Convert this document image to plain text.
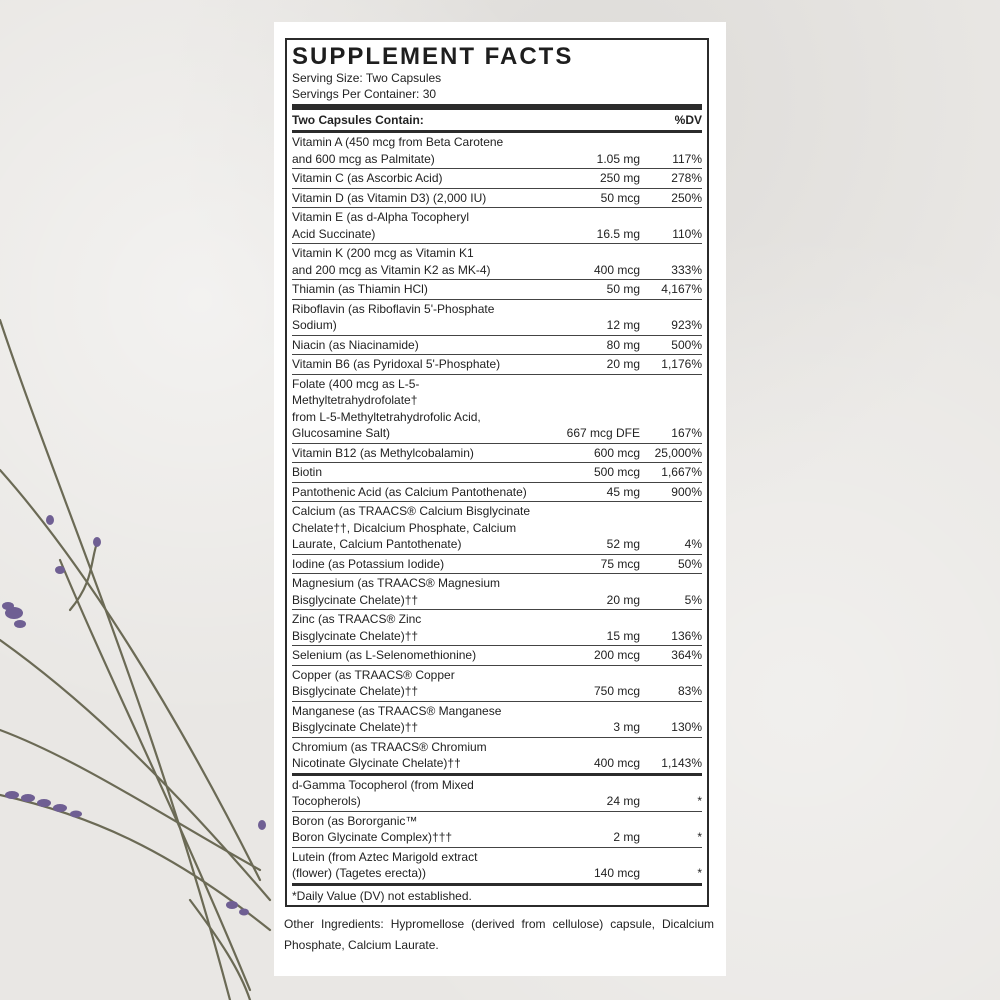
SUPPLEMENT FACTS
Serving Size: Two Capsules
Servings Per Container: 30
Two Capsules Contain:	%DV
Vitamin A (450 mcg from Beta Carotene
and 600 mcg as Palmitate)	1.05 mg	117%
Vitamin C (as Ascorbic Acid)	250 mg	278%
Vitamin D (as Vitamin D3) (2,000 IU)	50 mcg	250%
Vitamin E (as d-Alpha Tocopheryl
Acid Succinate)	16.5 mg	110%
Vitamin K (200 mcg as Vitamin K1
and 200 mcg as Vitamin K2 as MK-4)	400 mcg	333%
Thiamin (as Thiamin HCl)	50 mg	4,167%
Riboflavin (as Riboflavin 5'-Phosphate Sodium)	12 mg	923%
Niacin (as Niacinamide)	80 mg	500%
Vitamin B6 (as Pyridoxal 5'-Phosphate)	20 mg	1,176%
Folate (400 mcg as L-5-Methyltetrahydrofolate†
from L-5-Methyltetrahydrofolic Acid,
Glucosamine Salt)	667 mcg DFE	167%
Vitamin B12 (as Methylcobalamin)	600 mcg	25,000%
Biotin	500 mcg	1,667%
Pantothenic Acid (as Calcium Pantothenate)	45 mg	900%
Calcium (as TRAACS® Calcium Bisglycinate
Chelate††, Dicalcium Phosphate, Calcium
Laurate, Calcium Pantothenate)	52 mg	4%
Iodine (as Potassium Iodide)	75 mcg	50%
Magnesium (as TRAACS® Magnesium
Bisglycinate Chelate)††	20 mg	5%
Zinc (as TRAACS® Zinc
Bisglycinate Chelate)††	15 mg	136%
Selenium (as L-Selenomethionine)	200 mcg	364%
Copper (as TRAACS® Copper
Bisglycinate Chelate)††	750 mcg	83%
Manganese (as TRAACS® Manganese
Bisglycinate Chelate)††	3 mg	130%
Chromium (as TRAACS® Chromium
Nicotinate Glycinate Chelate)††	400 mcg	1,143%
d-Gamma Tocopherol (from Mixed Tocopherols)	24 mg	*
Boron (as Bororganic™
Boron Glycinate Complex)†††	2 mg	*
Lutein (from Aztec Marigold extract
(flower) (Tagetes erecta))	140 mcg	*
*Daily Value (DV) not established.
Other Ingredients: Hypromellose (derived from cellulose) capsule, Dicalcium Phosphate, Calcium Laurate.
